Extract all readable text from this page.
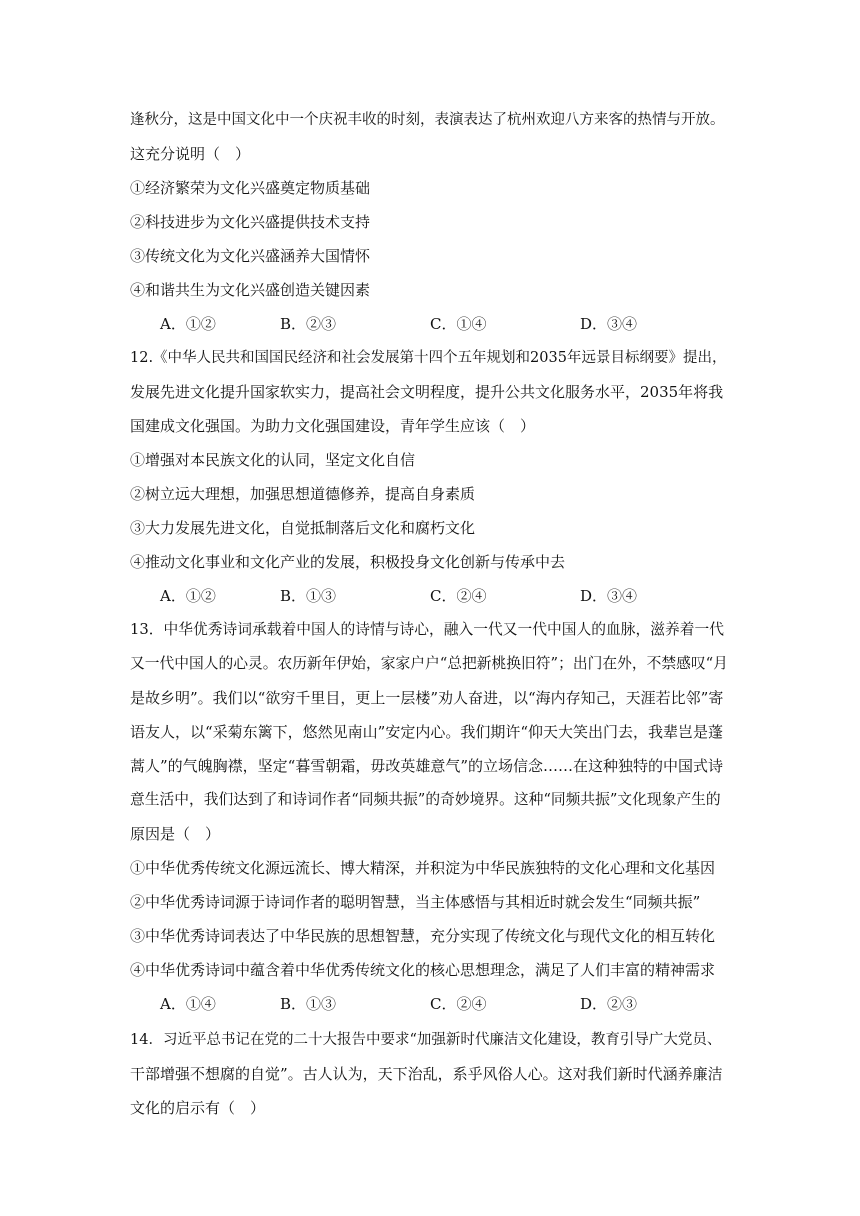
逢秋分，这是中国文化中一个庆祝丰收的时刻，表演表达了杭州欢迎八方来客的热情与开放。
这充分说明（　）
①经济繁荣为文化兴盛奠定物质基础
②科技进步为文化兴盛提供技术支持
③传统文化为文化兴盛涵养大国情怀
④和谐共生为文化兴盛创造关键因素
A．①②	B．②③	C．①④	D．③④
12.《中华人民共和国国民经济和社会发展第十四个五年规划和2035年远景目标纲要》提出，
发展先进文化提升国家软实力，提高社会文明程度，提升公共文化服务水平，2035年将我
国建成文化强国。为助力文化强国建设，青年学生应该（　）
①增强对本民族文化的认同，坚定文化自信
②树立远大理想，加强思想道德修养，提高自身素质
③大力发展先进文化，自觉抵制落后文化和腐朽文化
④推动文化事业和文化产业的发展，积极投身文化创新与传承中去
A．①②	B．①③	C．②④	D．③④
13．中华优秀诗词承载着中国人的诗情与诗心，融入一代又一代中国人的血脉，滋养着一代
又一代中国人的心灵。农历新年伊始，家家户户“总把新桃换旧符”；出门在外，不禁感叹“月
是故乡明”。我们以“欲穷千里目，更上一层楼”劝人奋进，以“海内存知己，天涯若比邻”寄
语友人，以“采菊东篱下，悠然见南山”安定内心。我们期许“仰天大笑出门去，我辈岂是蓬
蒿人”的气魄胸襟，坚定“暮雪朝霜，毋改英雄意气”的立场信念……在这种独特的中国式诗
意生活中，我们达到了和诗词作者“同频共振”的奇妙境界。这种“同频共振”文化现象产生的
原因是（　）
①中华优秀传统文化源远流长、博大精深，并积淀为中华民族独特的文化心理和文化基因
②中华优秀诗词源于诗词作者的聪明智慧，当主体感悟与其相近时就会发生“同频共振”
③中华优秀诗词表达了中华民族的思想智慧，充分实现了传统文化与现代文化的相互转化
④中华优秀诗词中蕴含着中华优秀传统文化的核心思想理念，满足了人们丰富的精神需求
A．①④	B．①③	C．②④	D．②③
14．习近平总书记在党的二十大报告中要求“加强新时代廉洁文化建设，教育引导广大党员、
干部增强不想腐的自觉”。古人认为，天下治乱，系乎风俗人心。这对我们新时代涵养廉洁
文化的启示有（　）
